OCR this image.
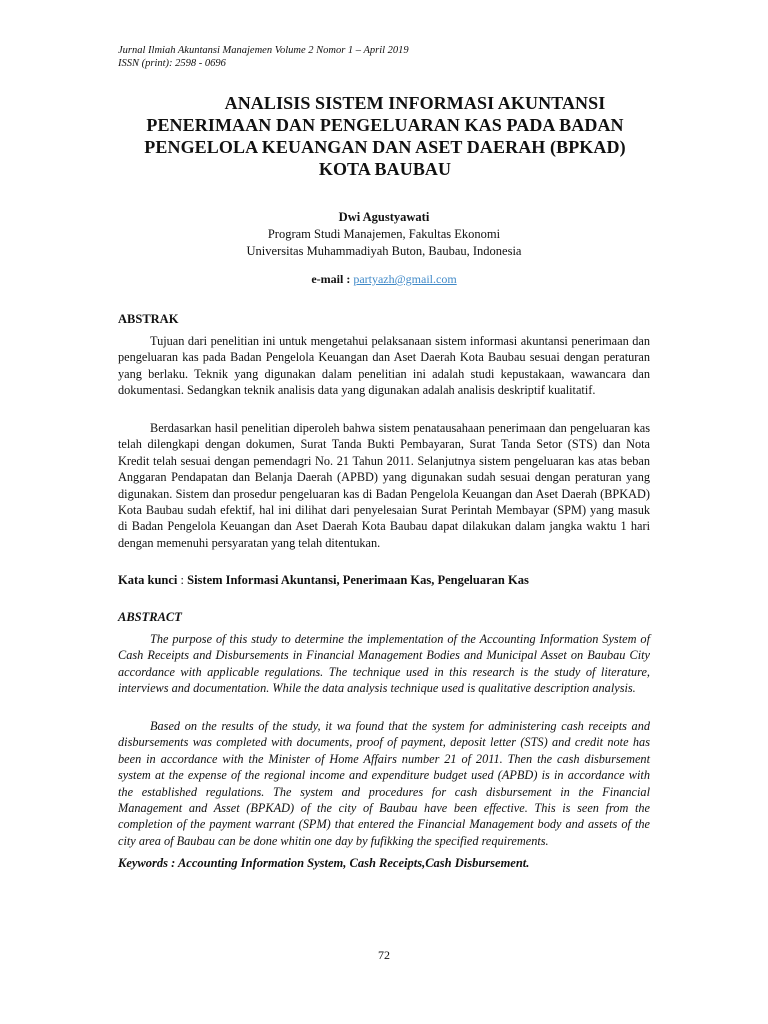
Jurnal Ilmiah Akuntansi Manajemen Volume 2 Nomor 1 – April 2019
ISSN (print): 2598 - 0696
ANALISIS SISTEM INFORMASI AKUNTANSI
PENERIMAAN DAN PENGELUARAN KAS PADA BADAN
PENGELOLA KEUANGAN DAN ASET DAERAH (BPKAD)
KOTA BAUBAU
Dwi Agustyawati
Program Studi Manajemen, Fakultas Ekonomi
Universitas Muhammadiyah Buton, Baubau, Indonesia
e-mail : partyazh@gmail.com
ABSTRAK

Tujuan dari penelitian ini untuk mengetahui pelaksanaan sistem informasi akuntansi penerimaan dan pengeluaran kas pada Badan Pengelola Keuangan dan Aset Daerah Kota Baubau sesuai dengan peraturan yang berlaku. Teknik yang digunakan dalam penelitian ini adalah studi kepustakaan, wawancara dan dokumentasi. Sedangkan teknik analisis data yang digunakan adalah analisis deskriptif kualitatif.

Berdasarkan hasil penelitian diperoleh bahwa sistem penatausahaan penerimaan dan pengeluaran kas telah dilengkapi dengan dokumen, Surat Tanda Bukti Pembayaran, Surat Tanda Setor (STS) dan Nota Kredit telah sesuai dengan pemendagri No. 21 Tahun 2011. Selanjutnya sistem pengeluaran kas atas beban Anggaran Pendapatan dan Belanja Daerah (APBD) yang digunakan sudah sesuai dengan peraturan yang digunakan. Sistem dan prosedur pengeluaran kas di Badan Pengelola Keuangan dan Aset Daerah (BPKAD) Kota Baubau sudah efektif, hal ini dilihat dari penyelesaian Surat Perintah Membayar (SPM) yang masuk di Badan Pengelola Keuangan dan Aset Daerah Kota Baubau dapat dilakukan dalam jangka waktu 1 hari dengan memenuhi persyaratan yang telah ditentukan.

Kata kunci : Sistem Informasi Akuntansi, Penerimaan Kas, Pengeluaran Kas
ABSTRACT

The purpose of this study to determine the implementation of the Accounting Information System of Cash Receipts and Disbursements in Financial Management Bodies and Municipal Asset on Baubau City accordance with applicable regulations. The technique used in this research is the study of literature, interviews and documentation. While the data analysis technique used is qualitative description analysis.

Based on the results of the study, it wa found that the system for administering cash receipts and disbursements was completed with documents, proof of payment, deposit letter (STS) and credit note has been in accordance with the Minister of Home Affairs number 21 of 2011. Then the cash disbursement system at the expense of the regional income and expenditure budget used (APBD) is in accordance with the established regulations. The system and procedures for cash disbursement in the Financial Management and Asset (BPKAD) of the city of Baubau have been effective. This is seen from the completion of the payment warrant (SPM) that entered the Financial Management body and assets of the city area of Baubau can be done whitin one day by fufikking the specified requirements.

Keywords : Accounting Information System, Cash Receipts,Cash Disbursement.
72
